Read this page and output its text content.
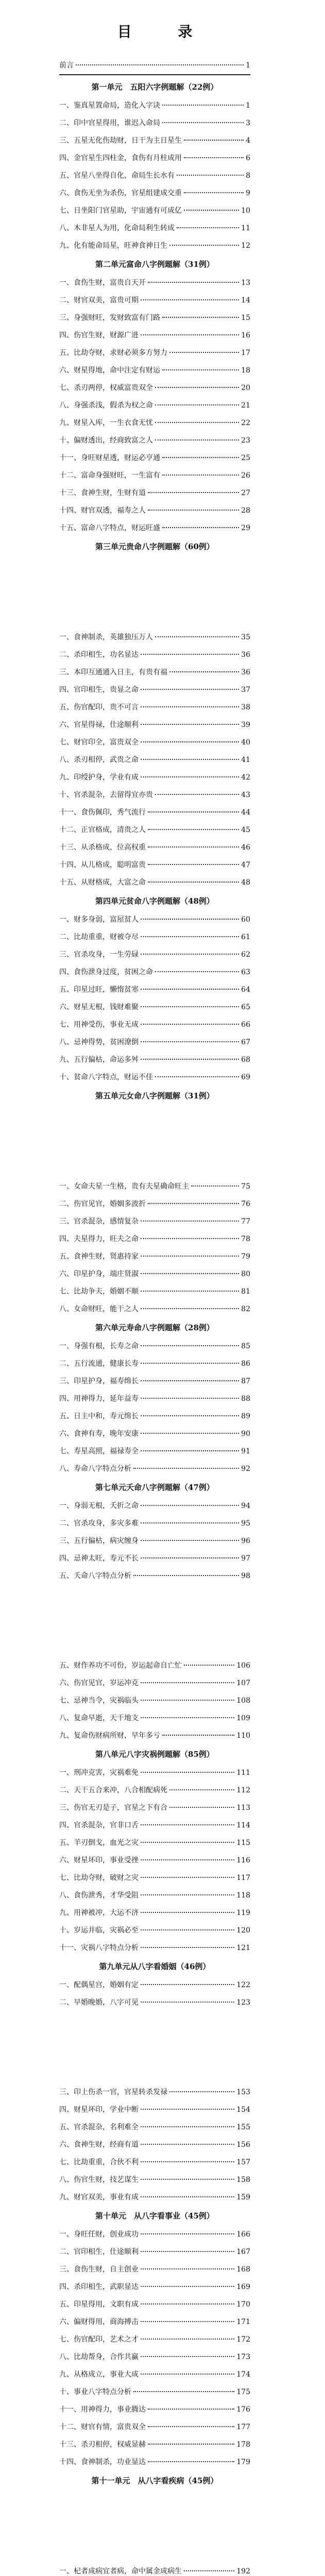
目 录
前言	1
第一单元　五阳六字例题解（22例）
一、鉴真星置命局，造化入字诀	1
二、印中官星得用，谁迟入命局	3
三、五星无化伤劫财，日干为主日星生	4
四、金官星生四柱金，食伤有月柱成用	6
五、官星八坐得自化，命局生长水有	8
六、食伤无坐为杀伤，官星组建成交重	9
七、日坐阳门官星助，宇宙通有可成亿	10
八、木非星人为用，化命局利生转成	11
九、化有能命局星，旺神食神日生	12
第二单元富命八字例题解（31例）
一、食伤生财，富贵自天开	13
二、财官双美，富贵可期	14
三、身强财旺，发财致富有门路	15
四、伤官生财，财源广进	16
五、比劫夺财，求财必须多方努力	17
六、财星得地，命中注定有财运	18
七、杀刃两停，权威富贵双全	20
八、身强杀浅，假杀为权之命	21
九、财星入库，一生衣食无忧	22
十、偏财透出，经商致富之人	23
十一、身旺财星透，财运必亨通	25
十二、富命身强财旺，一生富有	26
十三、食神生财，生财有道	27
十四、财官双透，福寿之人	28
十五、富命八字特点，财运旺盛	29
第三单元贵命八字例题解（60例）
一、食神制杀，英雄独压万人	35
二、杀印相生，功名显达	36
三、本印互通通入日主，有贵有福	36
四、官印相生，贵显之命	37
五、伤官配印，贵不可言	38
六、官星得禄，仕途顺利	39
七、财官印全，富贵双全	40
八、杀刃相停，武贵之命	41
九、印绶护身，学业有成	42
十、官杀混杂，去留得宜亦贵	43
十一、食伤佩印，秀气流行	44
十二、正官格成，清贵之人	45
十三、从杀格成，位高权重	46
十四、从儿格成，聪明富贵	47
十五、从财格成，大富之命	48
第四单元贫命八字例题解（48例）
一、财多身弱，富屋贫人	60
二、比劫重重，财被夺尽	61
三、官杀攻身，一生劳碌	62
四、食伤泄身过度，贫困之命	63
五、印星过旺，懒惰贫寒	64
六、财星无根，钱财难聚	65
七、用神受伤，事业无成	66
八、忌神得势，贫困潦倒	67
九、五行偏枯，命运多舛	68
十、贫命八字特点，财运不佳	69
第五单元女命八字例题解（31例）
一、女命夫星一生格，贵有夫星确命旺主	75
二、伤官见官，婚姻多波折	76
三、官杀混杂，感情复杂	77
四、夫星得力，旺夫之命	78
五、食神生财，贤惠持家	79
六、印星护身，端庄贤淑	80
七、比劫争夫，婚姻不顺	81
八、女命财旺，能干之人	82
第六单元寿命八字例题解（28例）
一、身强有根，长寿之命	85
二、五行流通，健康长寿	86
三、印星护身，福寿绵长	87
四、用神得力，延年益寿	88
五、日主中和，寿元绵长	89
六、食神有寿，晚年安康	90
七、寿星高照，福禄寿全	91
八、寿命八字特点分析	92
第七单元夭命八字例题解（47例）
一、身弱无根，夭折之命	94
二、官杀攻身，多灾多难	95
三、五行偏枯，病灾缠身	96
四、忌神太旺，寿元不长	97
五、夭命八字特点分析	98
五、财作养功不可份，岁运起命自亡忙	106
六、伤官见官，岁运冲克	107
七、忌神当令，灾祸临头	108
八、复命早逝，天干地支	109
九、复命伤财病所财，早年多亏	110
第八单元八字灾祸例题解（85例）
一、刑冲克害，灾祸难免	111
二、天干五合来冲，八合相配病死	112
三、伤官无刃是子，官星之下有合	113
四、官杀混杂，官非口舌	114
五、羊刃倒戈，血光之灾	115
六、财星坏印，事业受挫	116
七、比劫夺财，破财之灾	117
八、食伤泄秀，才华受阻	118
九、用神被冲，大运不济	119
十、岁运并临，灾祸必至	120
十一、灾祸八字特点分析	121
第九单元从八字看婚姻（46例）
一、配偶星宫，婚姻有定	122
二、早婚晚婚，八字可见	123
三、印上伤杀一官，官星转杀发禄	153
四、财星坏印，学业中断	154
五、官杀混杂，名利难全	155
六、食神生财，经商有道	156
七、比劫重重，合伙不利	157
八、伤官生财，技艺谋生	158
九、财官双美，事业有成	159
第十单元　从八字看事业（45例）
一、身旺任财，创业成功	166
二、官印相生，仕途顺利	167
三、食伤生财，自主创业	168
四、杀印相生，武职显达	169
五、印星得用，文职有成	170
六、偏财得用，商海搏击	171
七、伤官配印，艺术之才	172
八、比劫帮身，合作共赢	173
九、从格成立，事业大成	174
十、事业八字特点分析	175
十一、用神得力，事业腾达	176
十二、财官有情，富贵双全	177
十三、杀刃相停，权威显赫	178
十四、食神制杀，功业显达	179
第十一单元　从八字看疾病（45例）
一、杞者成病宜者病，命中属金成病生	192
